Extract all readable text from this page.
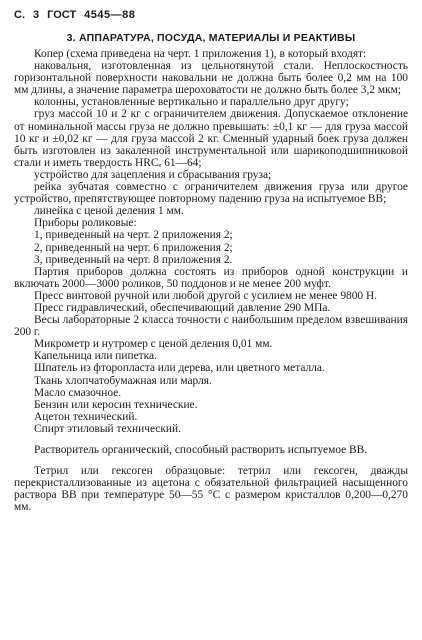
С. 3 ГОСТ 4545—88
3. АППАРАТУРА, ПОСУДА, МАТЕРИАЛЫ И РЕАКТИВЫ

Копер (схема приведена на черт. 1 приложения 1), в который входят:

наковальня, изготовленная из цельнотянутой стали. Неплоскостность горизонтальной поверхности наковальни не должна быть более 0,2 мм на 100 мм длины, а значение параметра шероховатости не должно быть более 3,2 мкм;

колонны, установленные вертикально и параллельно друг другу;

груз массой 10 и 2 кг с ограничителем движения. Допускаемое отклонение от номинальной массы груза не должно превышать: ±0,1 кг — для груза массой 10 кг и ±0,02 кг — для груза массой 2 кг. Сменный ударный боек груза должен быть изготовлен из закаленной инструментальной или шарикоподшипниковой стали и иметь твердость HRCₑ 61—64;

устройство для зацепления и сбрасывания груза;

рейка зубчатая совместно с ограничителем движения груза или другое устройство, препятствующее повторному падению груза на испытуемое ВВ;

линейка с ценой деления 1 мм.

Приборы роликовые:

1, приведенный на черт. 2 приложения 2;

2, приведенный на черт. 6 приложения 2;

3, приведенный на черт. 8 приложения 2.

Партия приборов должна состоять из приборов одной конструкции и включать 2000—3000 роликов, 50 поддонов и не менее 200 муфт.

Пресс винтовой ручной или любой другой с усилием не менее 9800 Н.

Пресс гидравлический, обеспечивающий давление 290 МПа.

Весы лабораторные 2 класса точности с наибольшим пределом взвешивания 200 г.

Микрометр и нутромер с ценой деления 0,01 мм.

Капельница или пипетка.

Шпатель из фторопласта или дерева, или цветного металла.

Ткань хлопчатобумажная или марля.

Масло смазочное.

Бензин или керосин технические.

Ацетон технический.

Спирт этиловый технический.

Растворитель органический, способный растворить испытуемое ВВ.

Тетрил или гексоген образцовые: тетрил или гексоген, дважды перекристаллизованные из ацетона с обязательной фильтрацией насыщенного раствора ВВ при температуре 50—55 °С с размером кристаллов 0,200—0,270 мм.
